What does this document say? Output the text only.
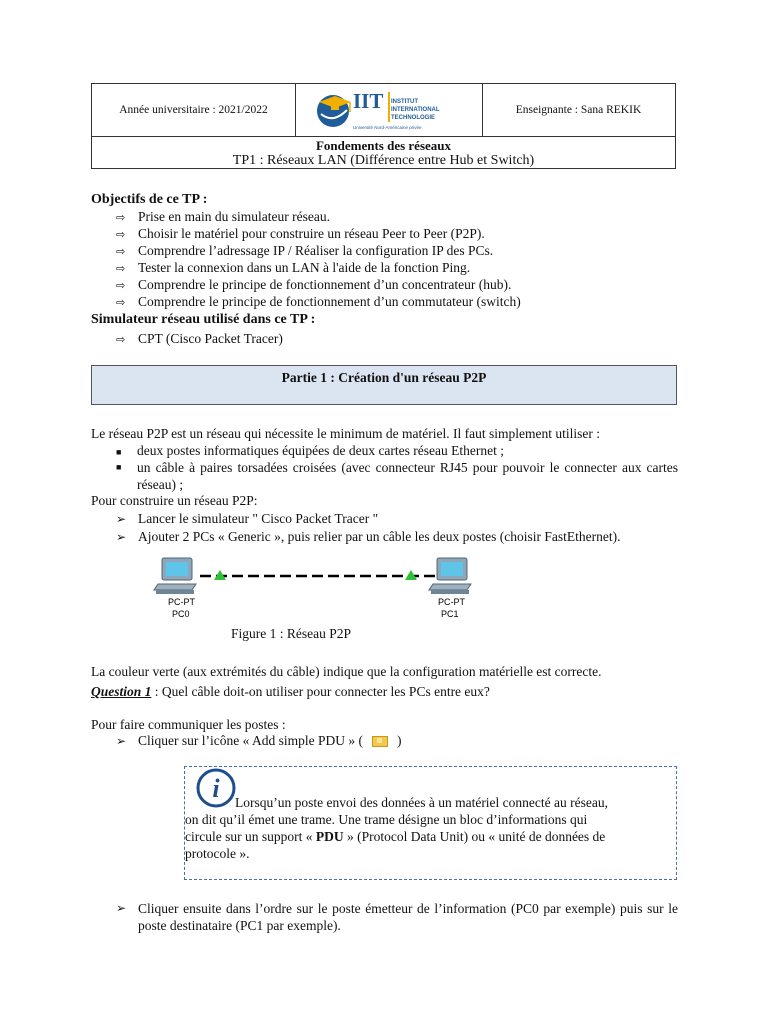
Année universitaire : 2021/2022	IIT INSTITUT
INTERNATIONAL
TECHNOLOGIE
Université Nord-Américaine privée
Enseignante : Sana REKIK
Fondements des réseaux
TP1 : Réseaux LAN (Différence entre Hub et Switch)
Objectifs de ce TP :
⇨ Prise en main du simulateur réseau.
⇨ Choisir le matériel pour construire un réseau Peer to Peer (P2P).
⇨ Comprendre l’adressage IP / Réaliser la configuration IP des PCs.
⇨ Tester la connexion dans un LAN à l'aide de la fonction Ping.
⇨ Comprendre le principe de fonctionnement d’un concentrateur (hub).
⇨ Comprendre le principe de fonctionnement d’un commutateur (switch)
Simulateur réseau utilisé dans ce TP :
⇨ CPT (Cisco Packet Tracer)
Partie 1 : Création d'un réseau P2P
Le réseau P2P est un réseau qui nécessite le minimum de matériel. Il faut simplement utiliser :
■ deux postes informatiques équipées de deux cartes réseau Ethernet ;
■ un câble à paires torsadées croisées (avec connecteur RJ45 pour pouvoir le connecter aux cartes réseau) ;
Pour construire un réseau P2P:
➢ Lancer le simulateur " Cisco Packet Tracer "
➢ Ajouter 2 PCs « Generic », puis relier par un câble les deux postes (choisir FastEthernet).
PC-PT
PC0
PC-PT
PC1
Figure 1 : Réseau P2P
La couleur verte (aux extrémités du câble) indique que la configuration matérielle est correcte.
Question 1 : Quel câble doit-on utiliser pour connecter les PCs entre eux?
Pour faire communiquer les postes :
➢ Cliquer sur l’icône « Add simple PDU » (	)
i Lorsqu’un poste envoi des données à un matériel connecté au réseau,
on dit qu’il émet une trame. Une trame désigne un bloc d’informations qui
circule sur un support « PDU » (Protocol Data Unit) ou « unité de données de
protocole ».
➢ Cliquer ensuite dans l’ordre sur le poste émetteur de l’information (PC0 par exemple) puis sur le poste destinataire (PC1 par exemple).
